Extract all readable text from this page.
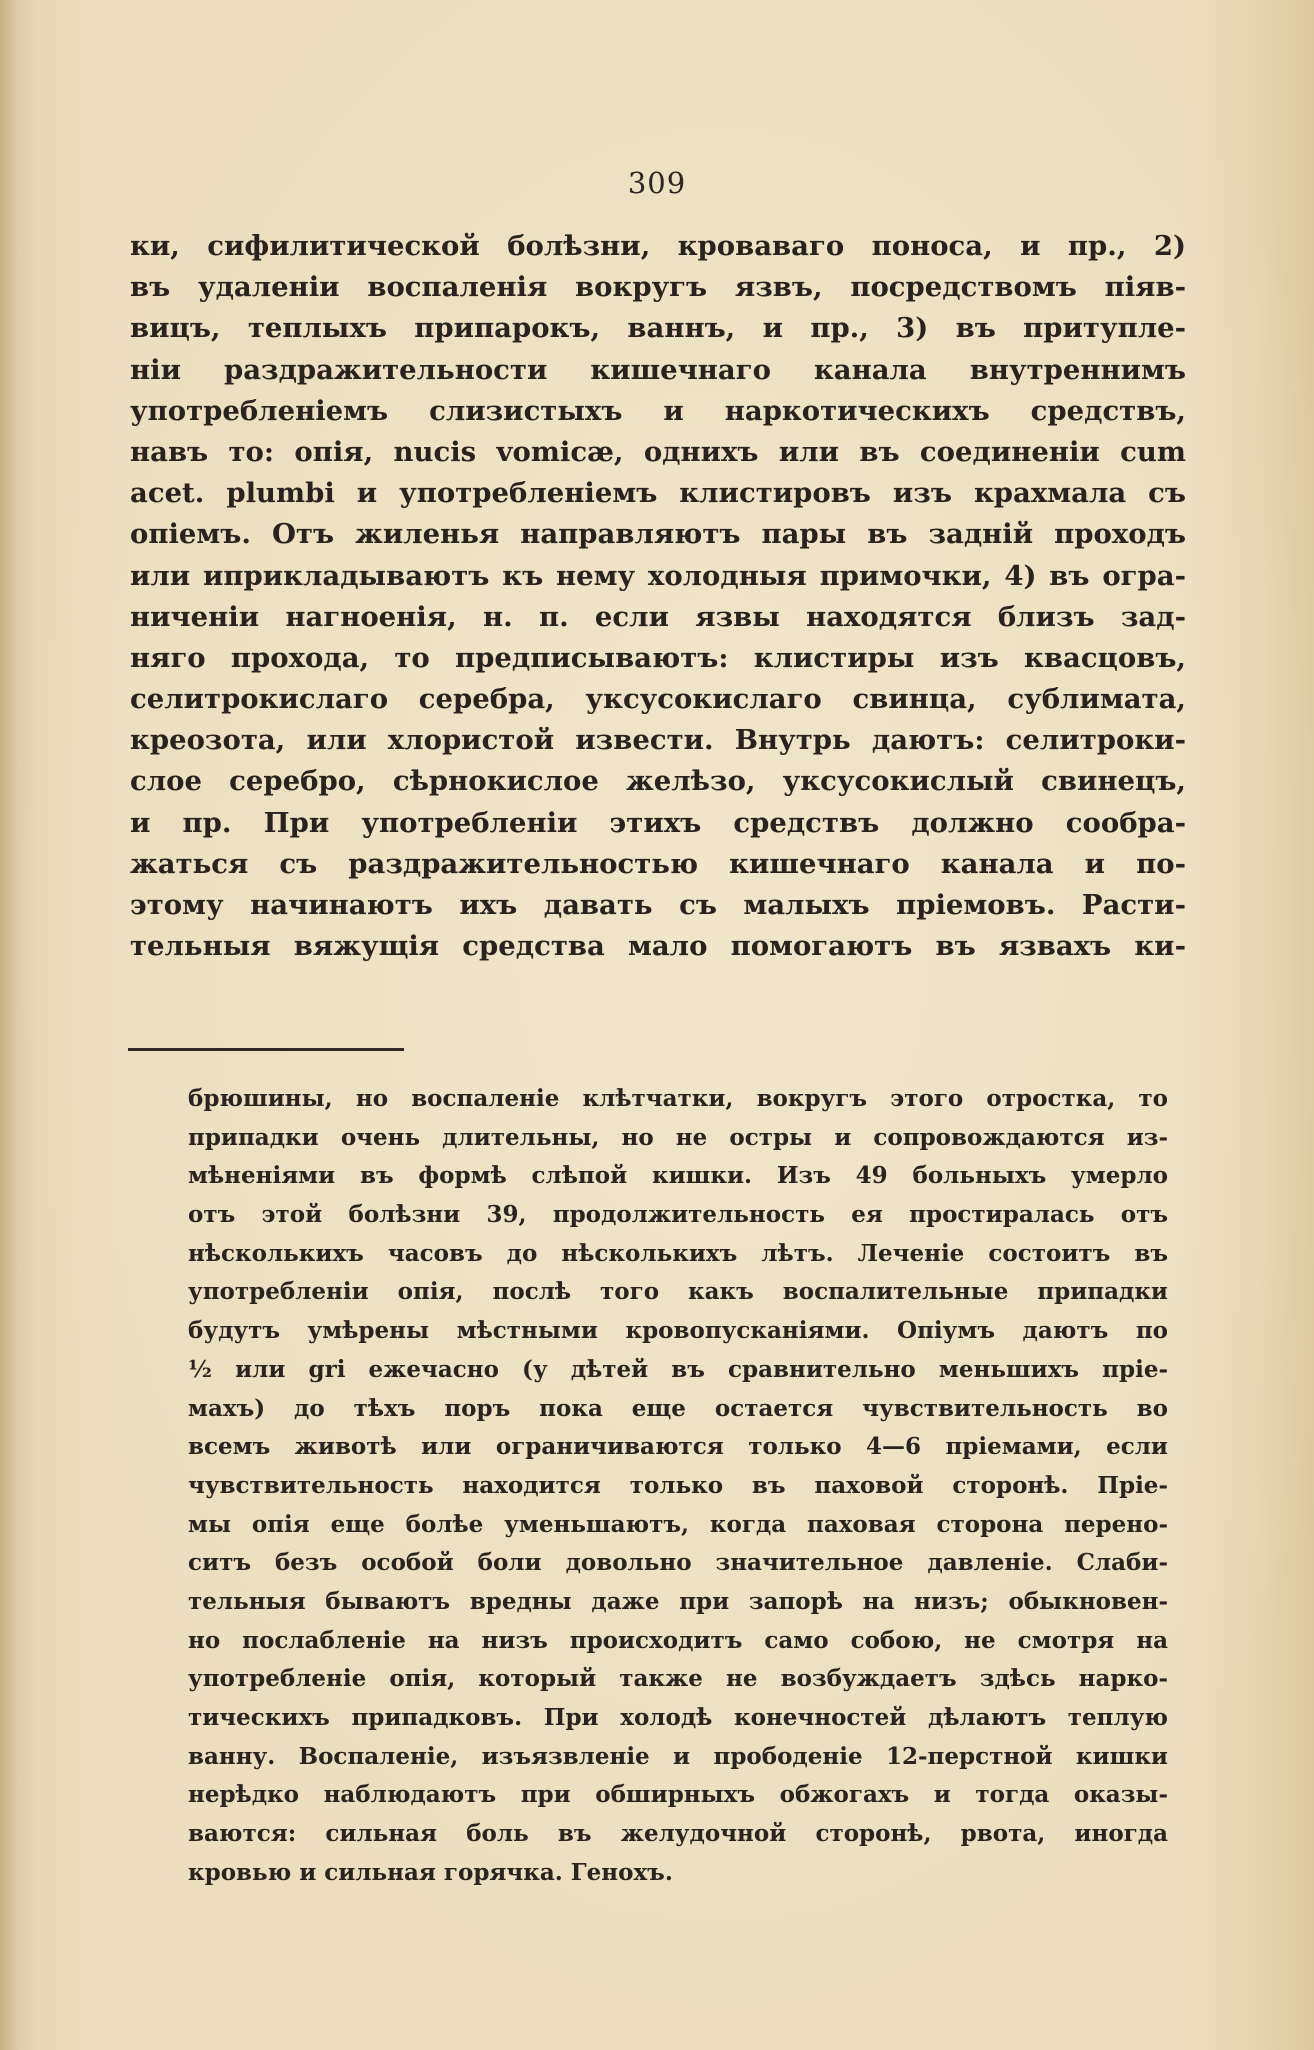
309
ки, сифилитической болѣзни, кроваваго поноса, и пр., 2)
въ удаленіи воспаленія вокругъ язвъ, посредствомъ піяв-
вицъ, теплыхъ припарокъ, ваннъ, и пр., 3) въ притупле-
ніи раздражительности кишечнаго канала внутреннимъ
употребленіемъ слизистыхъ и наркотическихъ средствъ,
навъ то: опія, nucis vomicæ, однихъ или въ соединеніи cum
acet. plumbi и употребленіемъ клистировъ изъ крахмала съ
опіемъ. Отъ жиленья направляютъ пары въ задній проходъ
или иприкладываютъ къ нему холодныя примочки, 4) въ огра-
ниченіи нагноенія, н. п. если язвы находятся близъ зад-
няго прохода, то предписываютъ: клистиры изъ квасцовъ,
селитрокислаго серебра, уксусокислаго свинца, сублимата,
креозота, или хлористой извести. Внутрь даютъ: селитроки-
слое серебро, сѣрнокислое желѣзо, уксусокислый свинецъ,
и пр. При употребленіи этихъ средствъ должно сообра-
жаться съ раздражительностью кишечнаго канала и по-
этому начинаютъ ихъ давать съ малыхъ пріемовъ. Расти-
тельныя вяжущія средства мало помогаютъ въ язвахъ ки-
брюшины, но воспаленіе клѣтчатки, вокругъ этого отростка, то
припадки очень длительны, но не остры и сопровождаются из-
мѣненіями въ формѣ слѣпой кишки. Изъ 49 больныхъ умерло
отъ этой болѣзни 39, продолжительность ея простиралась отъ
нѣсколькихъ часовъ до нѣсколькихъ лѣтъ. Леченіе состоитъ въ
употребленіи опія, послѣ того какъ воспалительные припадки
будутъ умѣрены мѣстными кровопусканіями. Опіумъ даютъ по
½ или gri ежечасно (у дѣтей въ сравнительно меньшихъ пріе-
махъ) до тѣхъ поръ пока еще остается чувствительность во
всемъ животѣ или ограничиваются только 4—6 пріемами, если
чувствительность находится только въ паховой сторонѣ. Пріе-
мы опія еще болѣе уменьшаютъ, когда паховая сторона перено-
ситъ безъ особой боли довольно значительное давленіе. Слаби-
тельныя бываютъ вредны даже при запорѣ на низъ; обыкновен-
но послабленіе на низъ происходитъ само собою, не смотря на
употребленіе опія, который также не возбуждаетъ здѣсь нарко-
тическихъ припадковъ. При холодѣ конечностей дѣлаютъ теплую
ванну. Воспаленіе, изъязвленіе и прободеніе 12-перстной кишки
нерѣдко наблюдаютъ при обширныхъ обжогахъ и тогда оказы-
ваются: сильная боль въ желудочной сторонѣ, рвота, иногда
кровью и сильная горячка. Генохъ.
